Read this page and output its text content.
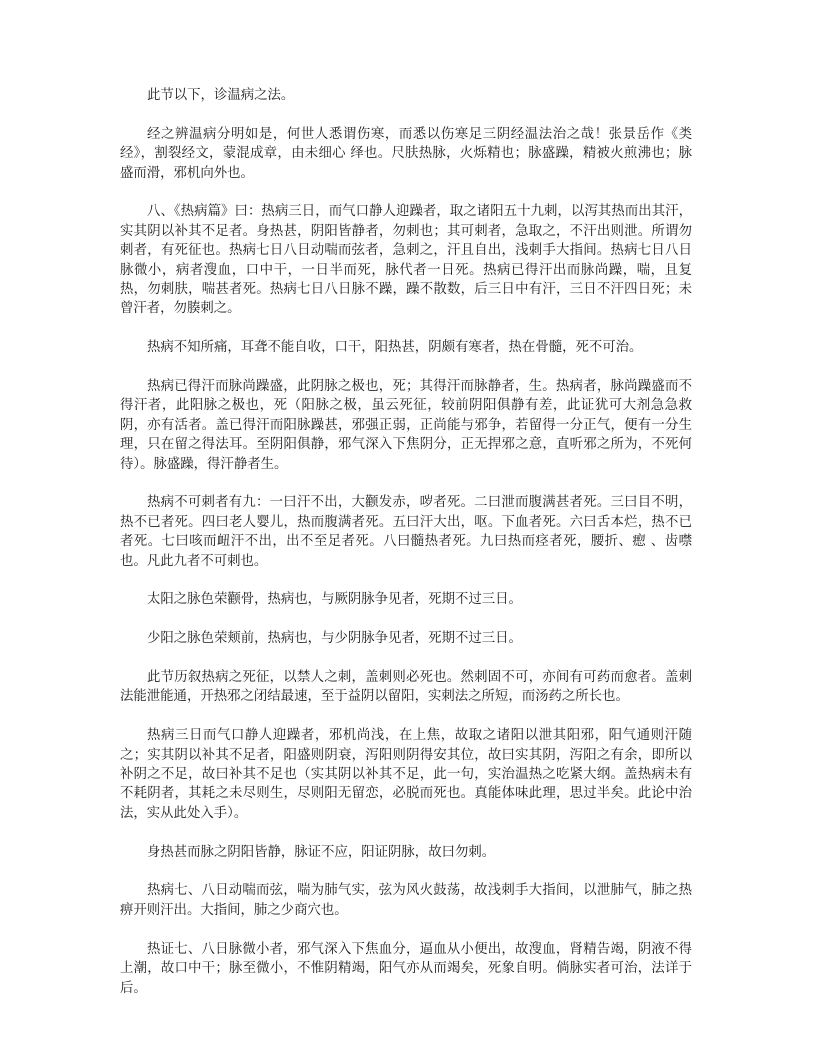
此节以下，诊温病之法。

经之辨温病分明如是，何世人悉谓伤寒，而悉以伤寒足三阴经温法治之哉！张景岳作《类经》，割裂经文，蒙混成章，由未细心 绎也。尺肤热脉，火烁精也；脉盛躁，精被火煎沸也；脉盛而滑，邪机向外也。

八、《热病篇》曰：热病三日，而气口静人迎躁者，取之诸阳五十九刺，以泻其热而出其汗，实其阴以补其不足者。身热甚，阴阳皆静者，勿刺也；其可刺者，急取之，不汗出则泄。所谓勿刺者，有死征也。热病七日八日动喘而弦者，急刺之，汗且自出，浅刺手大指间。热病七日八日脉微小，病者溲血，口中干，一日半而死，脉代者一日死。热病已得汗出而脉尚躁，喘，且复热，勿刺肤，喘甚者死。热病七日八日脉不躁，躁不散数，后三日中有汗，三日不汗四日死；未曾汗者，勿腠刺之。

热病不知所痛，耳聋不能自收，口干，阳热甚，阴颇有寒者，热在骨髓，死不可治。

热病已得汗而脉尚躁盛，此阴脉之极也，死；其得汗而脉静者，生。热病者，脉尚躁盛而不得汗者，此阳脉之极也，死（阳脉之极，虽云死征，较前阴阳俱静有差，此证犹可大剂急急救阴，亦有活者。盖已得汗而阳脉躁甚，邪强正弱，正尚能与邪争，若留得一分正气，便有一分生理，只在留之得法耳。至阴阳俱静，邪气深入下焦阴分，正无捍邪之意，直听邪之所为，不死何待）。脉盛躁，得汗静者生。

热病不可刺者有九：一曰汗不出，大颧发赤，哕者死。二曰泄而腹满甚者死。三曰目不明，热不已者死。四曰老人婴儿，热而腹满者死。五曰汗大出，呕。下血者死。六曰舌本烂，热不已者死。七曰咳而衄汗不出，出不至足者死。八曰髓热者死。九曰热而痉者死，腰折、瘛 、齿噤 也。凡此九者不可刺也。

太阳之脉色荣颧骨，热病也，与厥阴脉争见者，死期不过三日。

少阳之脉色荣颊前，热病也，与少阴脉争见者，死期不过三日。

此节历叙热病之死征，以禁人之刺，盖刺则必死也。然刺固不可，亦间有可药而愈者。盖刺法能泄能通，开热邪之闭结最速，至于益阴以留阳，实刺法之所短，而汤药之所长也。

热病三日而气口静人迎躁者，邪机尚浅，在上焦，故取之诸阳以泄其阳邪，阳气通则汗随之；实其阴以补其不足者，阳盛则阴衰，泻阳则阴得安其位，故曰实其阴，泻阳之有余，即所以补阴之不足，故曰补其不足也（实其阴以补其不足，此一句，实治温热之吃紧大纲。盖热病未有不耗阴者，其耗之未尽则生，尽则阳无留恋，必脱而死也。真能体味此理，思过半矣。此论中治法，实从此处入手）。

身热甚而脉之阴阳皆静，脉证不应，阳证阴脉，故曰勿刺。

热病七、八日动喘而弦，喘为肺气实，弦为风火鼓荡，故浅刺手大指间，以泄肺气，肺之热痹开则汗出。大指间，肺之少商穴也。

热证七、八日脉微小者，邪气深入下焦血分，逼血从小便出，故溲血，肾精告竭，阴液不得上潮，故口中干；脉至微小，不惟阴精竭，阳气亦从而竭矣，死象自明。倘脉实者可治，法详于后。
